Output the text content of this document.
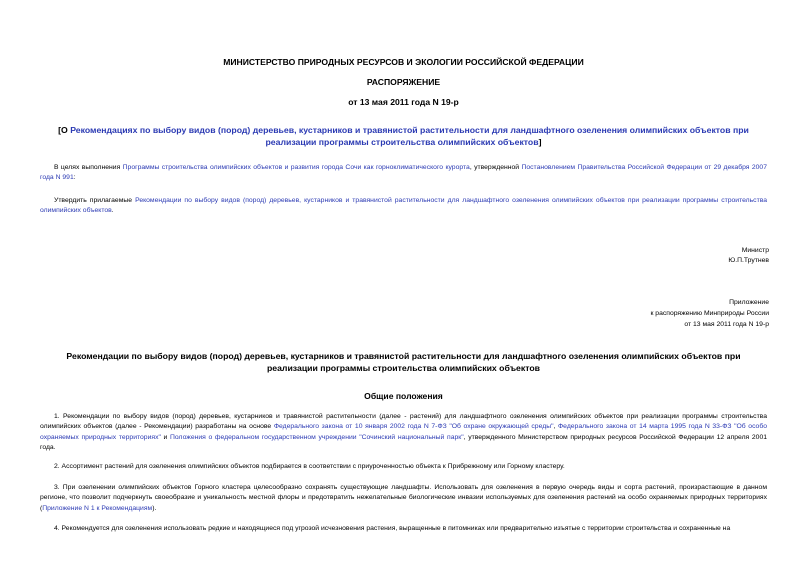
МИНИСТЕРСТВО ПРИРОДНЫХ РЕСУРСОВ И ЭКОЛОГИИ РОССИЙСКОЙ ФЕДЕРАЦИИ
РАСПОРЯЖЕНИЕ
от 13 мая 2011 года N 19-р
[О Рекомендациях по выбору видов (пород) деревьев, кустарников и травянистой растительности для ландшафтного озеленения олимпийских объектов при реализации программы строительства олимпийских объектов]
В целях выполнения Программы строительства олимпийских объектов и развития города Сочи как горноклиматического курорта, утвержденной Постановлением Правительства Российской Федерации от 29 декабря 2007 года N 991:
Утвердить прилагаемые Рекомендации по выбору видов (пород) деревьев, кустарников и травянистой растительности для ландшафтного озеленения олимпийских объектов при реализации программы строительства олимпийских объектов.
Министр
Ю.П.Трутнев
Приложение
к распоряжению Минприроды России
от 13 мая 2011 года N 19-р
Рекомендации по выбору видов (пород) деревьев, кустарников и травянистой растительности для ландшафтного озеленения олимпийских объектов при реализации программы строительства олимпийских объектов
Общие положения
1. Рекомендации по выбору видов (пород) деревьев, кустарников и травянистой растительности (далее - растений) для ландшафтного озеленения олимпийских объектов при реализации программы строительства олимпийских объектов (далее - Рекомендации) разработаны на основе Федерального закона от 10 января 2002 года N 7-ФЗ "Об охране окружающей среды", Федерального закона от 14 марта 1995 года N 33-ФЗ "Об особо охраняемых природных территориях" и Положения о федеральном государственном учреждении "Сочинский национальный парк", утвержденного Министерством природных ресурсов Российской Федерации 12 апреля 2001 года.
2. Ассортимент растений для озеленения олимпийских объектов подбирается в соответствии с приуроченностью объекта к Прибрежному или Горному кластеру.
3. При озеленении олимпийских объектов Горного кластера целесообразно сохранять существующие ландшафты. Использовать для озеленения в первую очередь виды и сорта растений, произрастающие в данном регионе, что позволит подчеркнуть своеобразие и уникальность местной флоры и предотвратить нежелательные биологические инвазии используемых для озеленения растений на особо охраняемых природных территориях (Приложение N 1 к Рекомендациям).
4. Рекомендуется для озеленения использовать редкие и находящиеся под угрозой исчезновения растения, выращенные в питомниках или предварительно изъятые с территории строительства и сохраненные на
